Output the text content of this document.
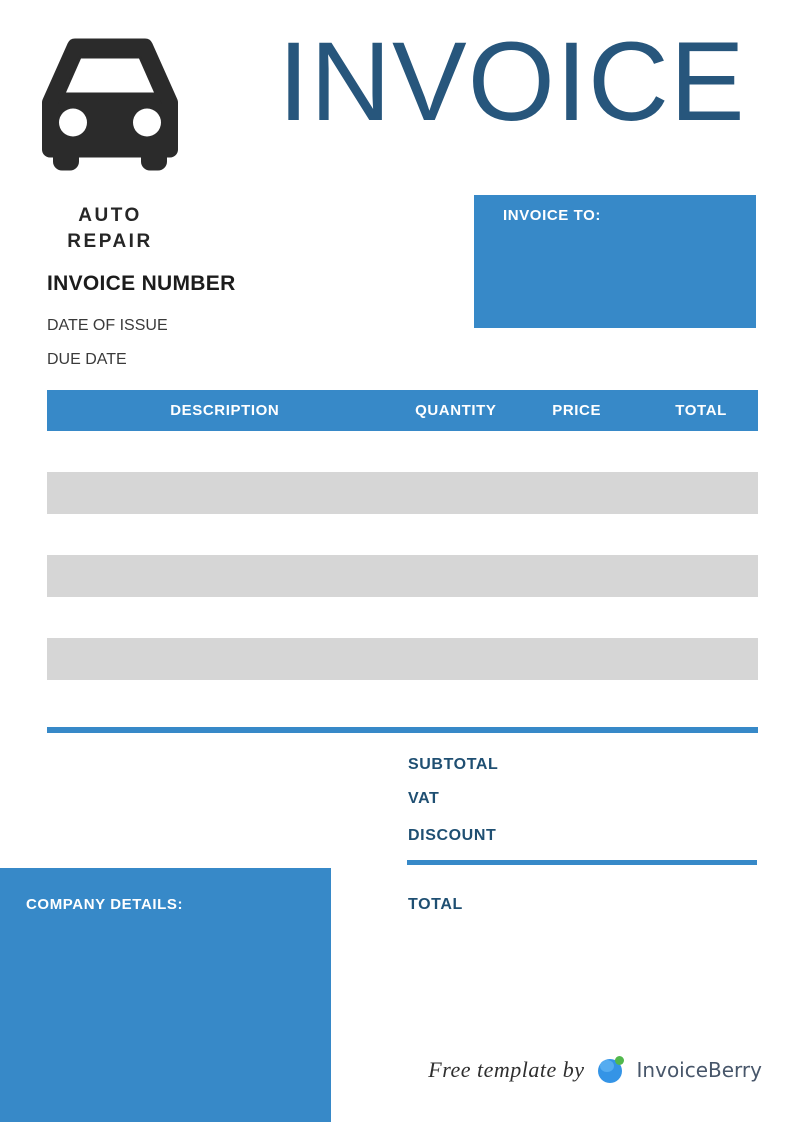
INVOICE
AUTO
REPAIR
INVOICE TO:
INVOICE NUMBER
DATE OF ISSUE
DUE DATE
DESCRIPTION	QUANTITY	PRICE	TOTAL
SUBTOTAL
VAT
DISCOUNT
TOTAL
COMPANY DETAILS:
Free template by	InvoiceBerry
